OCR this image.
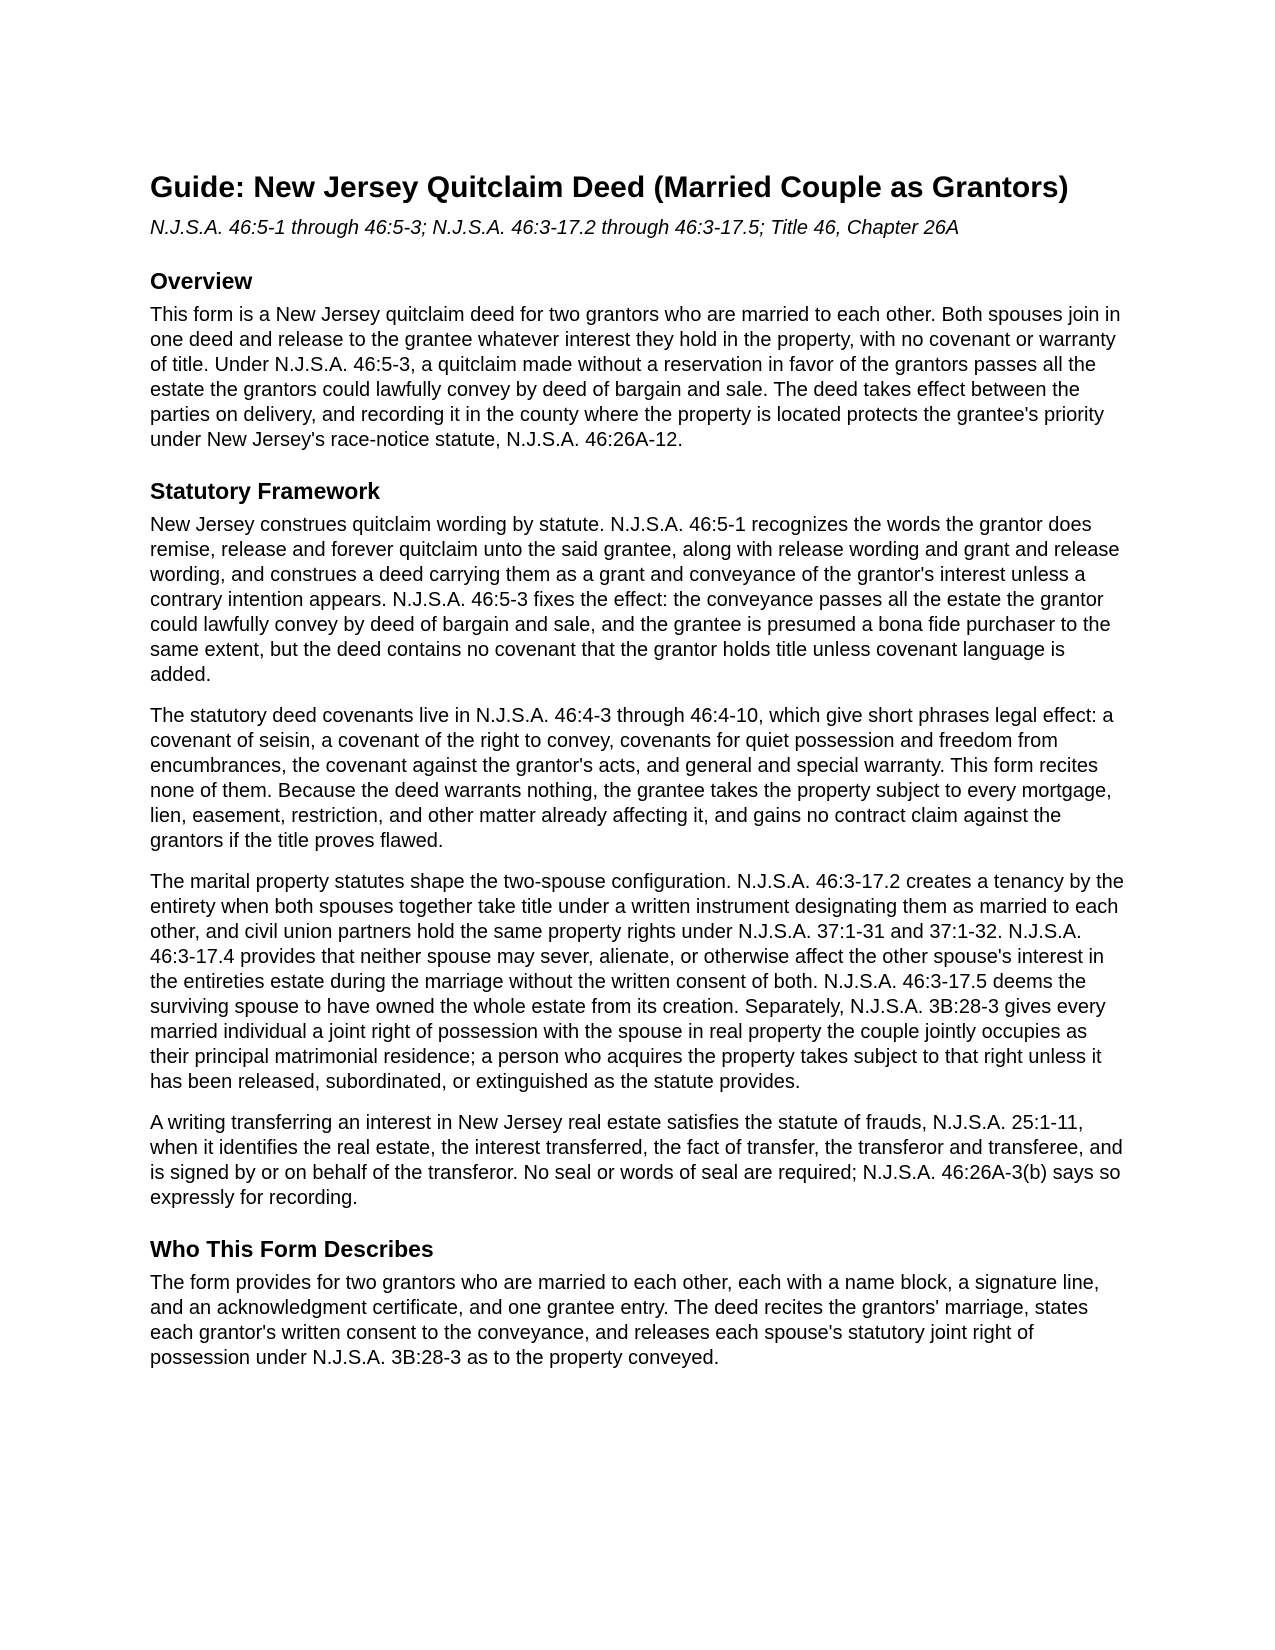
Guide: New Jersey Quitclaim Deed (Married Couple as Grantors)

N.J.S.A. 46:5-1 through 46:5-3; N.J.S.A. 46:3-17.2 through 46:3-17.5; Title 46, Chapter 26A

Overview

This form is a New Jersey quitclaim deed for two grantors who are married to each other. Both spouses join in one deed and release to the grantee whatever interest they hold in the property, with no covenant or warranty of title. Under N.J.S.A. 46:5-3, a quitclaim made without a reservation in favor of the grantors passes all the estate the grantors could lawfully convey by deed of bargain and sale. The deed takes effect between the parties on delivery, and recording it in the county where the property is located protects the grantee's priority under New Jersey's race-notice statute, N.J.S.A. 46:26A-12.

Statutory Framework

New Jersey construes quitclaim wording by statute. N.J.S.A. 46:5-1 recognizes the words the grantor does remise, release and forever quitclaim unto the said grantee, along with release wording and grant and release wording, and construes a deed carrying them as a grant and conveyance of the grantor's interest unless a contrary intention appears. N.J.S.A. 46:5-3 fixes the effect: the conveyance passes all the estate the grantor could lawfully convey by deed of bargain and sale, and the grantee is presumed a bona fide purchaser to the same extent, but the deed contains no covenant that the grantor holds title unless covenant language is added.

The statutory deed covenants live in N.J.S.A. 46:4-3 through 46:4-10, which give short phrases legal effect: a covenant of seisin, a covenant of the right to convey, covenants for quiet possession and freedom from encumbrances, the covenant against the grantor's acts, and general and special warranty. This form recites none of them. Because the deed warrants nothing, the grantee takes the property subject to every mortgage, lien, easement, restriction, and other matter already affecting it, and gains no contract claim against the grantors if the title proves flawed.

The marital property statutes shape the two-spouse configuration. N.J.S.A. 46:3-17.2 creates a tenancy by the entirety when both spouses together take title under a written instrument designating them as married to each other, and civil union partners hold the same property rights under N.J.S.A. 37:1-31 and 37:1-32. N.J.S.A. 46:3-17.4 provides that neither spouse may sever, alienate, or otherwise affect the other spouse's interest in the entireties estate during the marriage without the written consent of both. N.J.S.A. 46:3-17.5 deems the surviving spouse to have owned the whole estate from its creation. Separately, N.J.S.A. 3B:28-3 gives every married individual a joint right of possession with the spouse in real property the couple jointly occupies as their principal matrimonial residence; a person who acquires the property takes subject to that right unless it has been released, subordinated, or extinguished as the statute provides.

A writing transferring an interest in New Jersey real estate satisfies the statute of frauds, N.J.S.A. 25:1-11, when it identifies the real estate, the interest transferred, the fact of transfer, the transferor and transferee, and is signed by or on behalf of the transferor. No seal or words of seal are required; N.J.S.A. 46:26A-3(b) says so expressly for recording.

Who This Form Describes

The form provides for two grantors who are married to each other, each with a name block, a signature line, and an acknowledgment certificate, and one grantee entry. The deed recites the grantors' marriage, states each grantor's written consent to the conveyance, and releases each spouse's statutory joint right of possession under N.J.S.A. 3B:28-3 as to the property conveyed.
